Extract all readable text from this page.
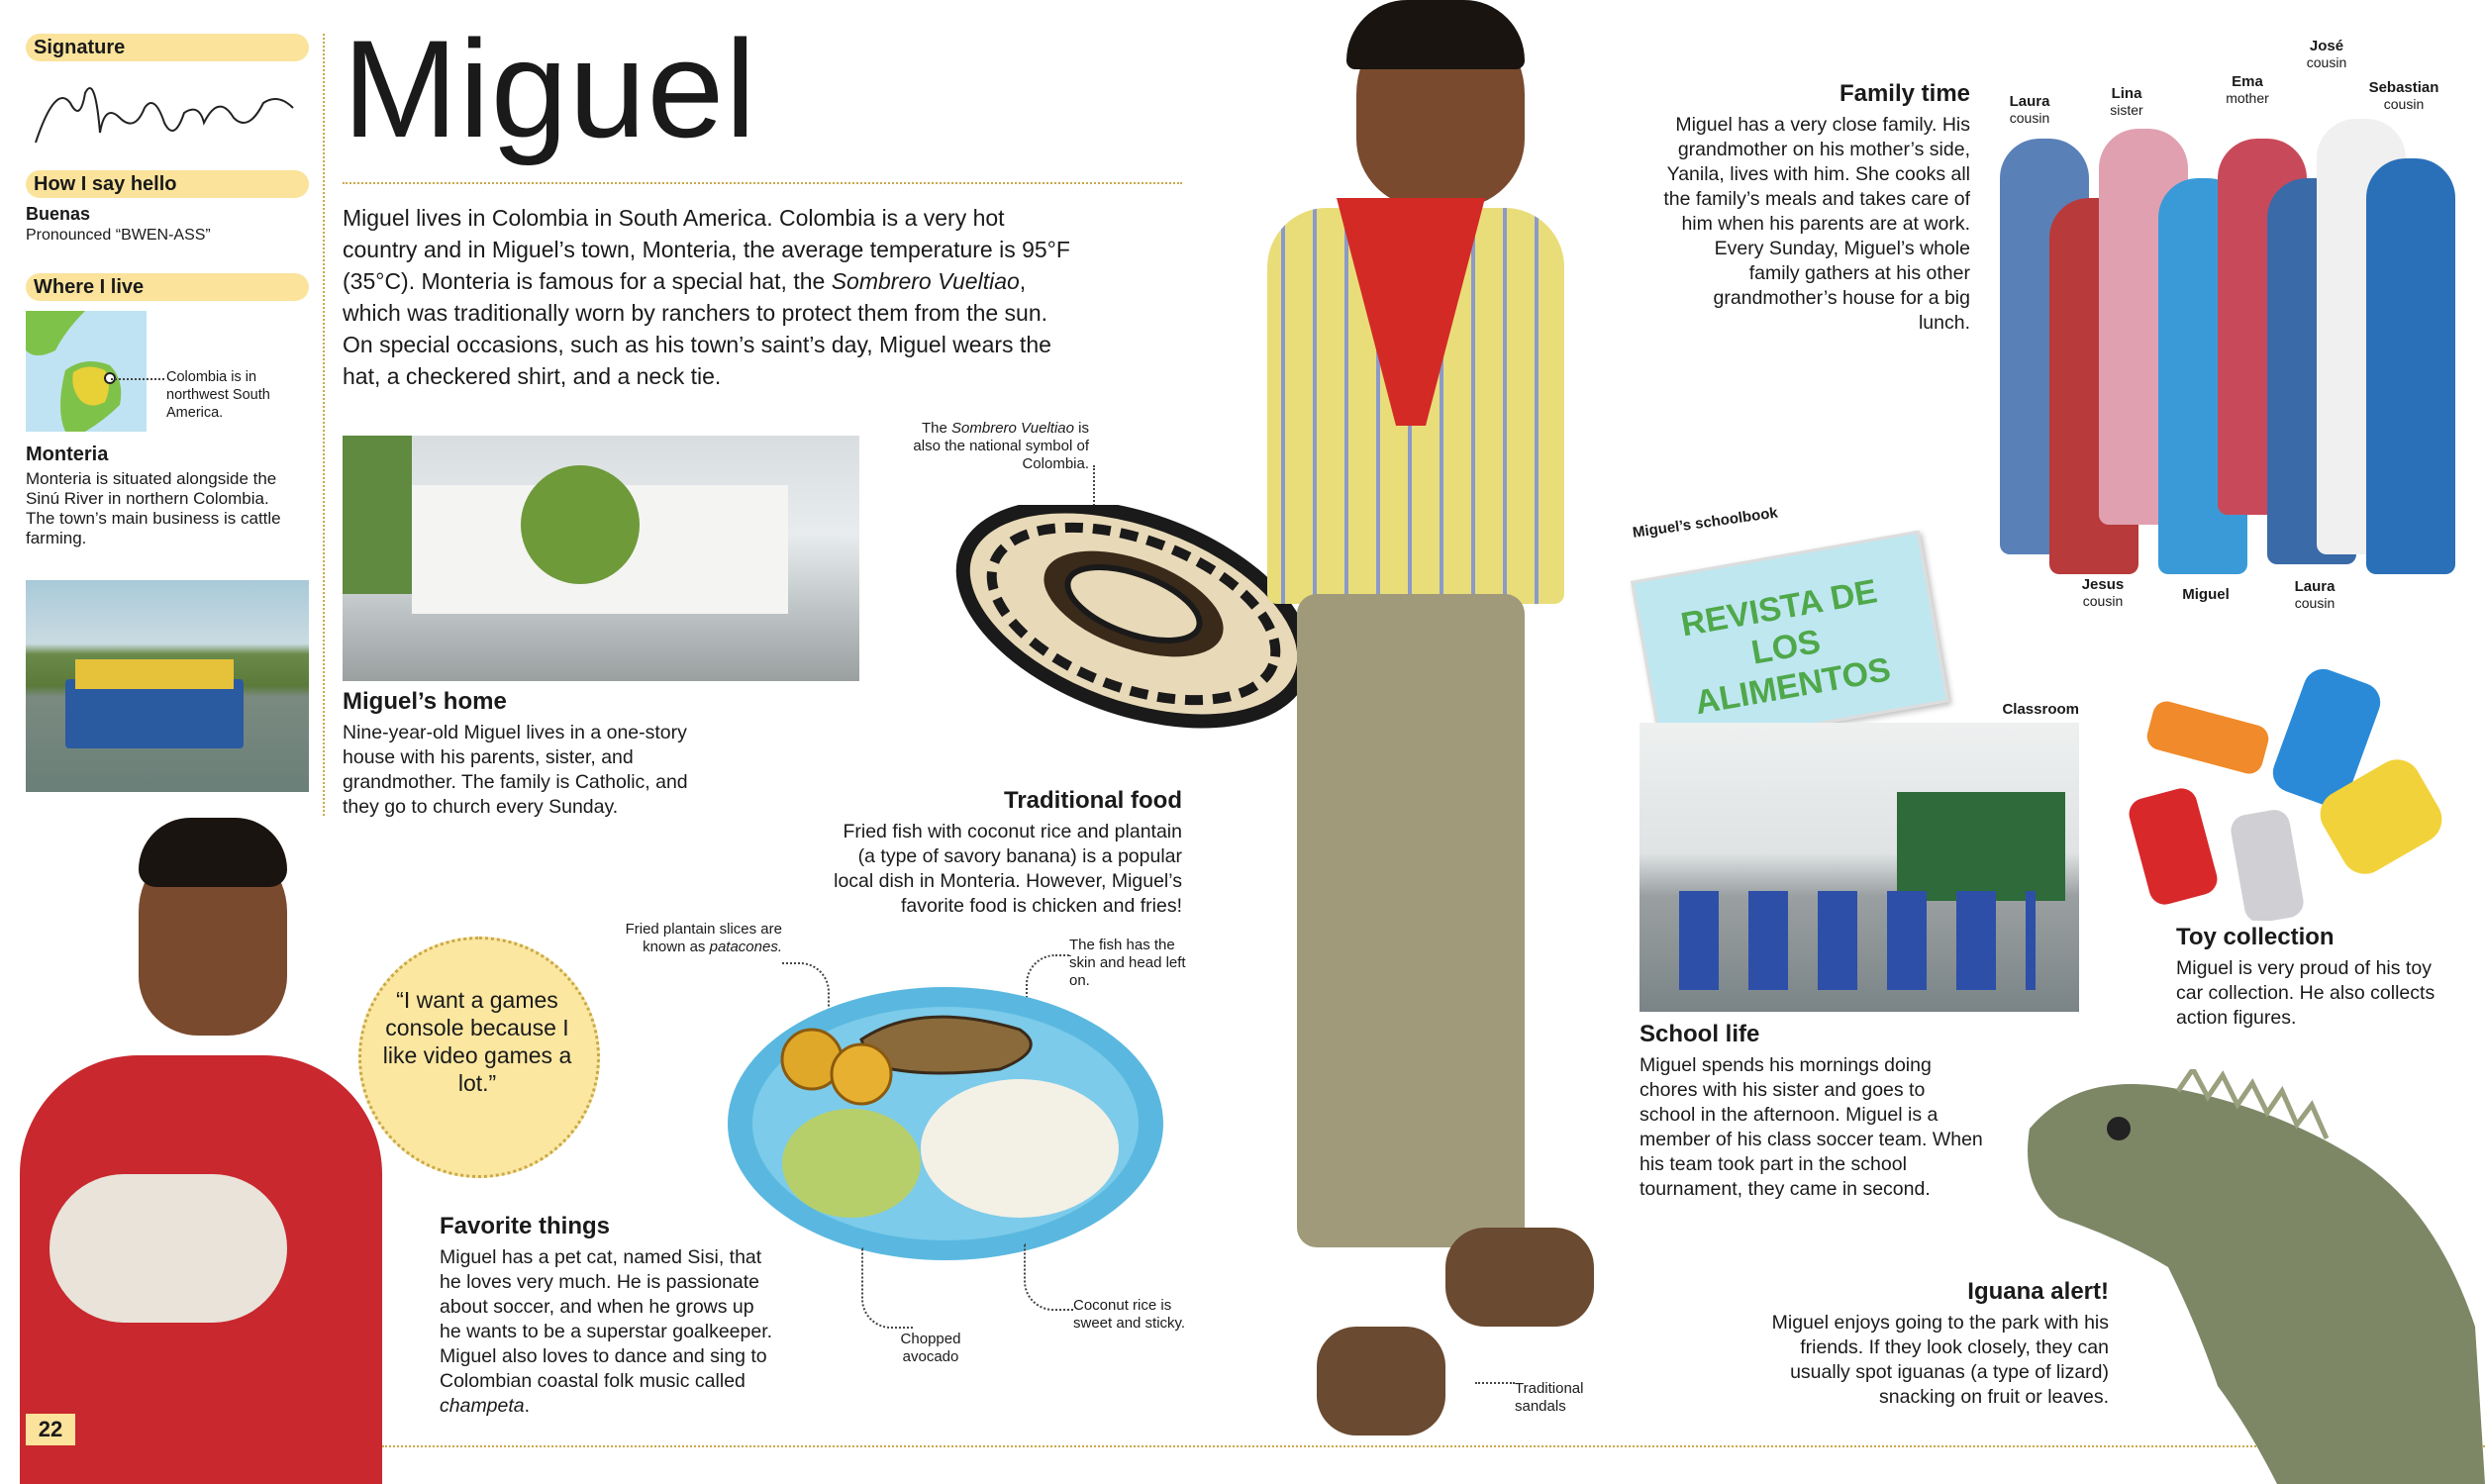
Signature
How I say hello
Buenas
Pronounced “BWEN-ASS”
Where I live
Colombia is in northwest South America.
Monteria
Monteria is situated alongside the Sinú River in northern Colombia. The town’s main business is cattle farming.
Miguel
Miguel lives in Colombia in South America. Colombia is a very hot country and in Miguel’s town, Monteria, the average temperature is 95°F (35°C). Monteria is famous for a special hat, the Sombrero Vueltiao, which was traditionally worn by ranchers to protect them from the sun. On special occasions, such as his town’s saint’s day, Miguel wears the hat, a checkered shirt, and a neck tie.
Miguel’s home
Nine-year-old Miguel lives in a one-story house with his parents, sister, and grandmother. The family is Catholic, and they go to church every Sunday.
The Sombrero Vueltiao is also the national symbol of Colombia.
Traditional food
Fried fish with coconut rice and plantain (a type of savory banana) is a popular local dish in Monteria. However, Miguel’s favorite food is chicken and fries!
Fried plantain slices are known as patacones.	The fish has the skin and head left on.
Chopped avocado
Coconut rice is sweet and sticky.
“I want a games console because I like video games a lot.”
Favorite things
Miguel has a pet cat, named Sisi, that he loves very much. He is passionate about soccer, and when he grows up he wants to be a superstar goalkeeper. Miguel also loves to dance and sing to Colombian coastal folk music called champeta.
22
Traditional sandals
Family time
Miguel has a very close family. His grandmother on his mother’s side, Yanila, lives with him. She cooks all the family’s meals and takes care of him when his parents are at work. Every Sunday, Miguel’s whole family gathers at his other grandmother’s house for a big lunch.
Laura
cousin
Lina
sister
Ema
mother
José
cousin
Sebastian
cousin
Jesus
cousin	Miguel	Laura
cousin
Miguel’s schoolbook
REVISTA DE LOS ALIMENTOS	Classroom
School life
Miguel spends his mornings doing chores with his sister and goes to school in the afternoon. Miguel is a member of his class soccer team. When his team took part in the school tournament, they came in second.
Toy collection
Miguel is very proud of his toy car collection. He also collects action figures.
Iguana alert!
Miguel enjoys going to the park with his friends. If they look closely, they can usually spot iguanas (a type of lizard) snacking on fruit or leaves.
